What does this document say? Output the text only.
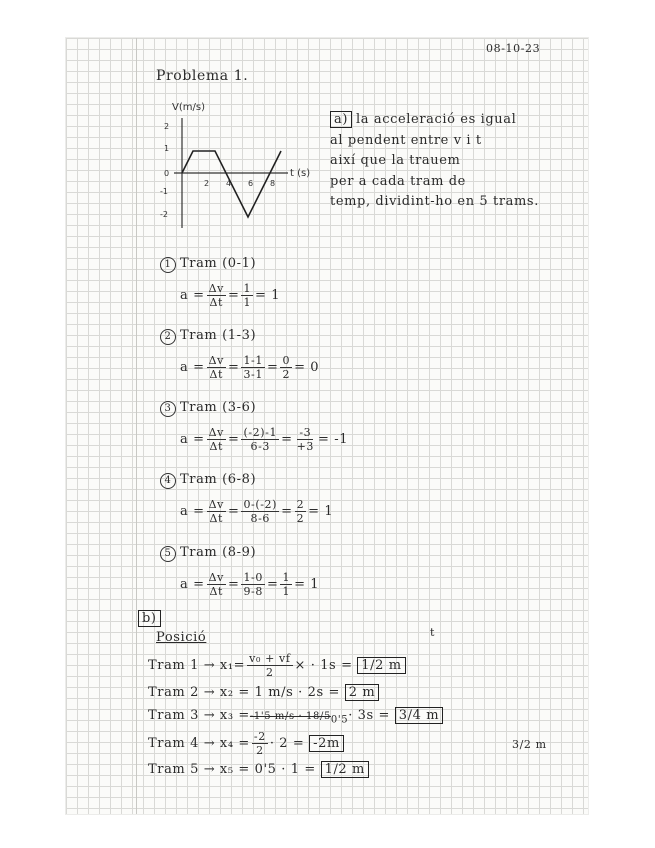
08-10-23
Problema 1.
V(m/s)
t (s)
2
1
0
-1
-2
2 4 6 8
a) la acceleració es igual
al pendent entre v i t
així que la trauem
per a cada tram de
temp, dividint-ho en 5 trams.
1 Tram (0-1)
$a = \frac{\Delta v}{\Delta t} = \frac{1}{1} = 1$
2 Tram (1-3)
$a = \frac{\Delta v}{\Delta t} = \frac{1-1}{3-1} = \frac{0}{2} = 0$
3 Tram (3-6)
$a = \frac{\Delta v}{\Delta t} = \frac{(-2)-1}{6-3} = \frac{-3}{+3} = -1$
4 Tram (6-8)
$a = \frac{\Delta v}{\Delta t} = \frac{0-(-2)}{8-6} = \frac{2}{2} = 1$
5 Tram (8-9)
$a = \frac{\Delta v}{\Delta t} = \frac{1-0}{9-8} = \frac{1}{1} = 1$
b)
Posició	t
Tram $1 \to x_1= \frac{\text{v₀ + vf}}{2}$ × · 1s = 1/2 m
Tram 2 → x₂ = 1 m/s · 2s = 2 m
Tram 3 → x₃ =-1'5 $m/s \cdot 18/5_{0'5}\cdot 3s = 3/4$ m
Tram $4 \to x_4 = \frac{-2}{2} \cdot 2 = -2m$
Tram 5 → x₅ = 0'5 · 1 = 1/2 m
3/2 m
